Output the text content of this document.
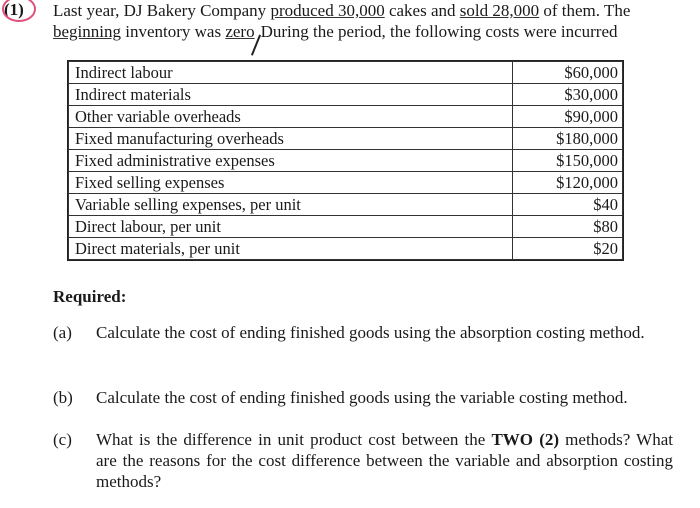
(1) Last year, DJ Bakery Company produced 30,000 cakes and sold 28,000 of them. The
beginning inventory was zero During the period, the following costs were incurred
Indirect labour	$60,000
Indirect materials	$30,000
Other variable overheads	$90,000
Fixed manufacturing overheads	$180,000
Fixed administrative expenses	$150,000
Fixed selling expenses	$120,000
Variable selling expenses, per unit	$40
Direct labour, per unit	$80
Direct materials, per unit	$20
Required:
(a)	Calculate the cost of ending finished goods using the absorption costing method.
(b)	Calculate the cost of ending finished goods using the variable costing method.
(c)	What is the difference in unit product cost between the TWO (2) methods? What are the reasons for the cost difference between the variable and absorption costing methods?
